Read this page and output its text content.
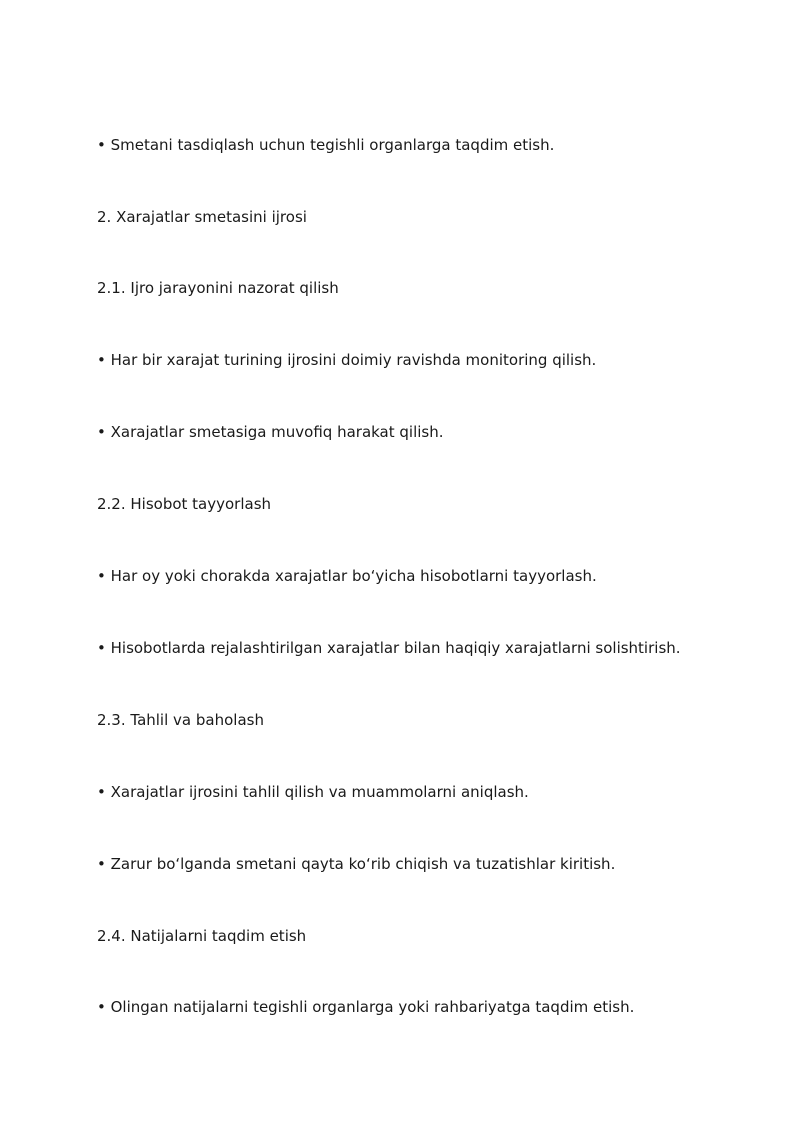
• Smetani tasdiqlash uchun tegishli organlarga taqdim etish.
2. Xarajatlar smetasini ijrosi
2.1. Ijro jarayonini nazorat qilish
• Har bir xarajat turining ijrosini doimiy ravishda monitoring qilish.
• Xarajatlar smetasiga muvofiq harakat qilish.
2.2. Hisobot tayyorlash
• Har oy yoki chorakda xarajatlar bo‘yicha hisobotlarni tayyorlash.
• Hisobotlarda rejalashtirilgan xarajatlar bilan haqiqiy xarajatlarni solishtirish.
2.3. Tahlil va baholash
• Xarajatlar ijrosini tahlil qilish va muammolarni aniqlash.
• Zarur bo‘lganda smetani qayta ko‘rib chiqish va tuzatishlar kiritish.
2.4. Natijalarni taqdim etish
• Olingan natijalarni tegishli organlarga yoki rahbariyatga taqdim etish.
